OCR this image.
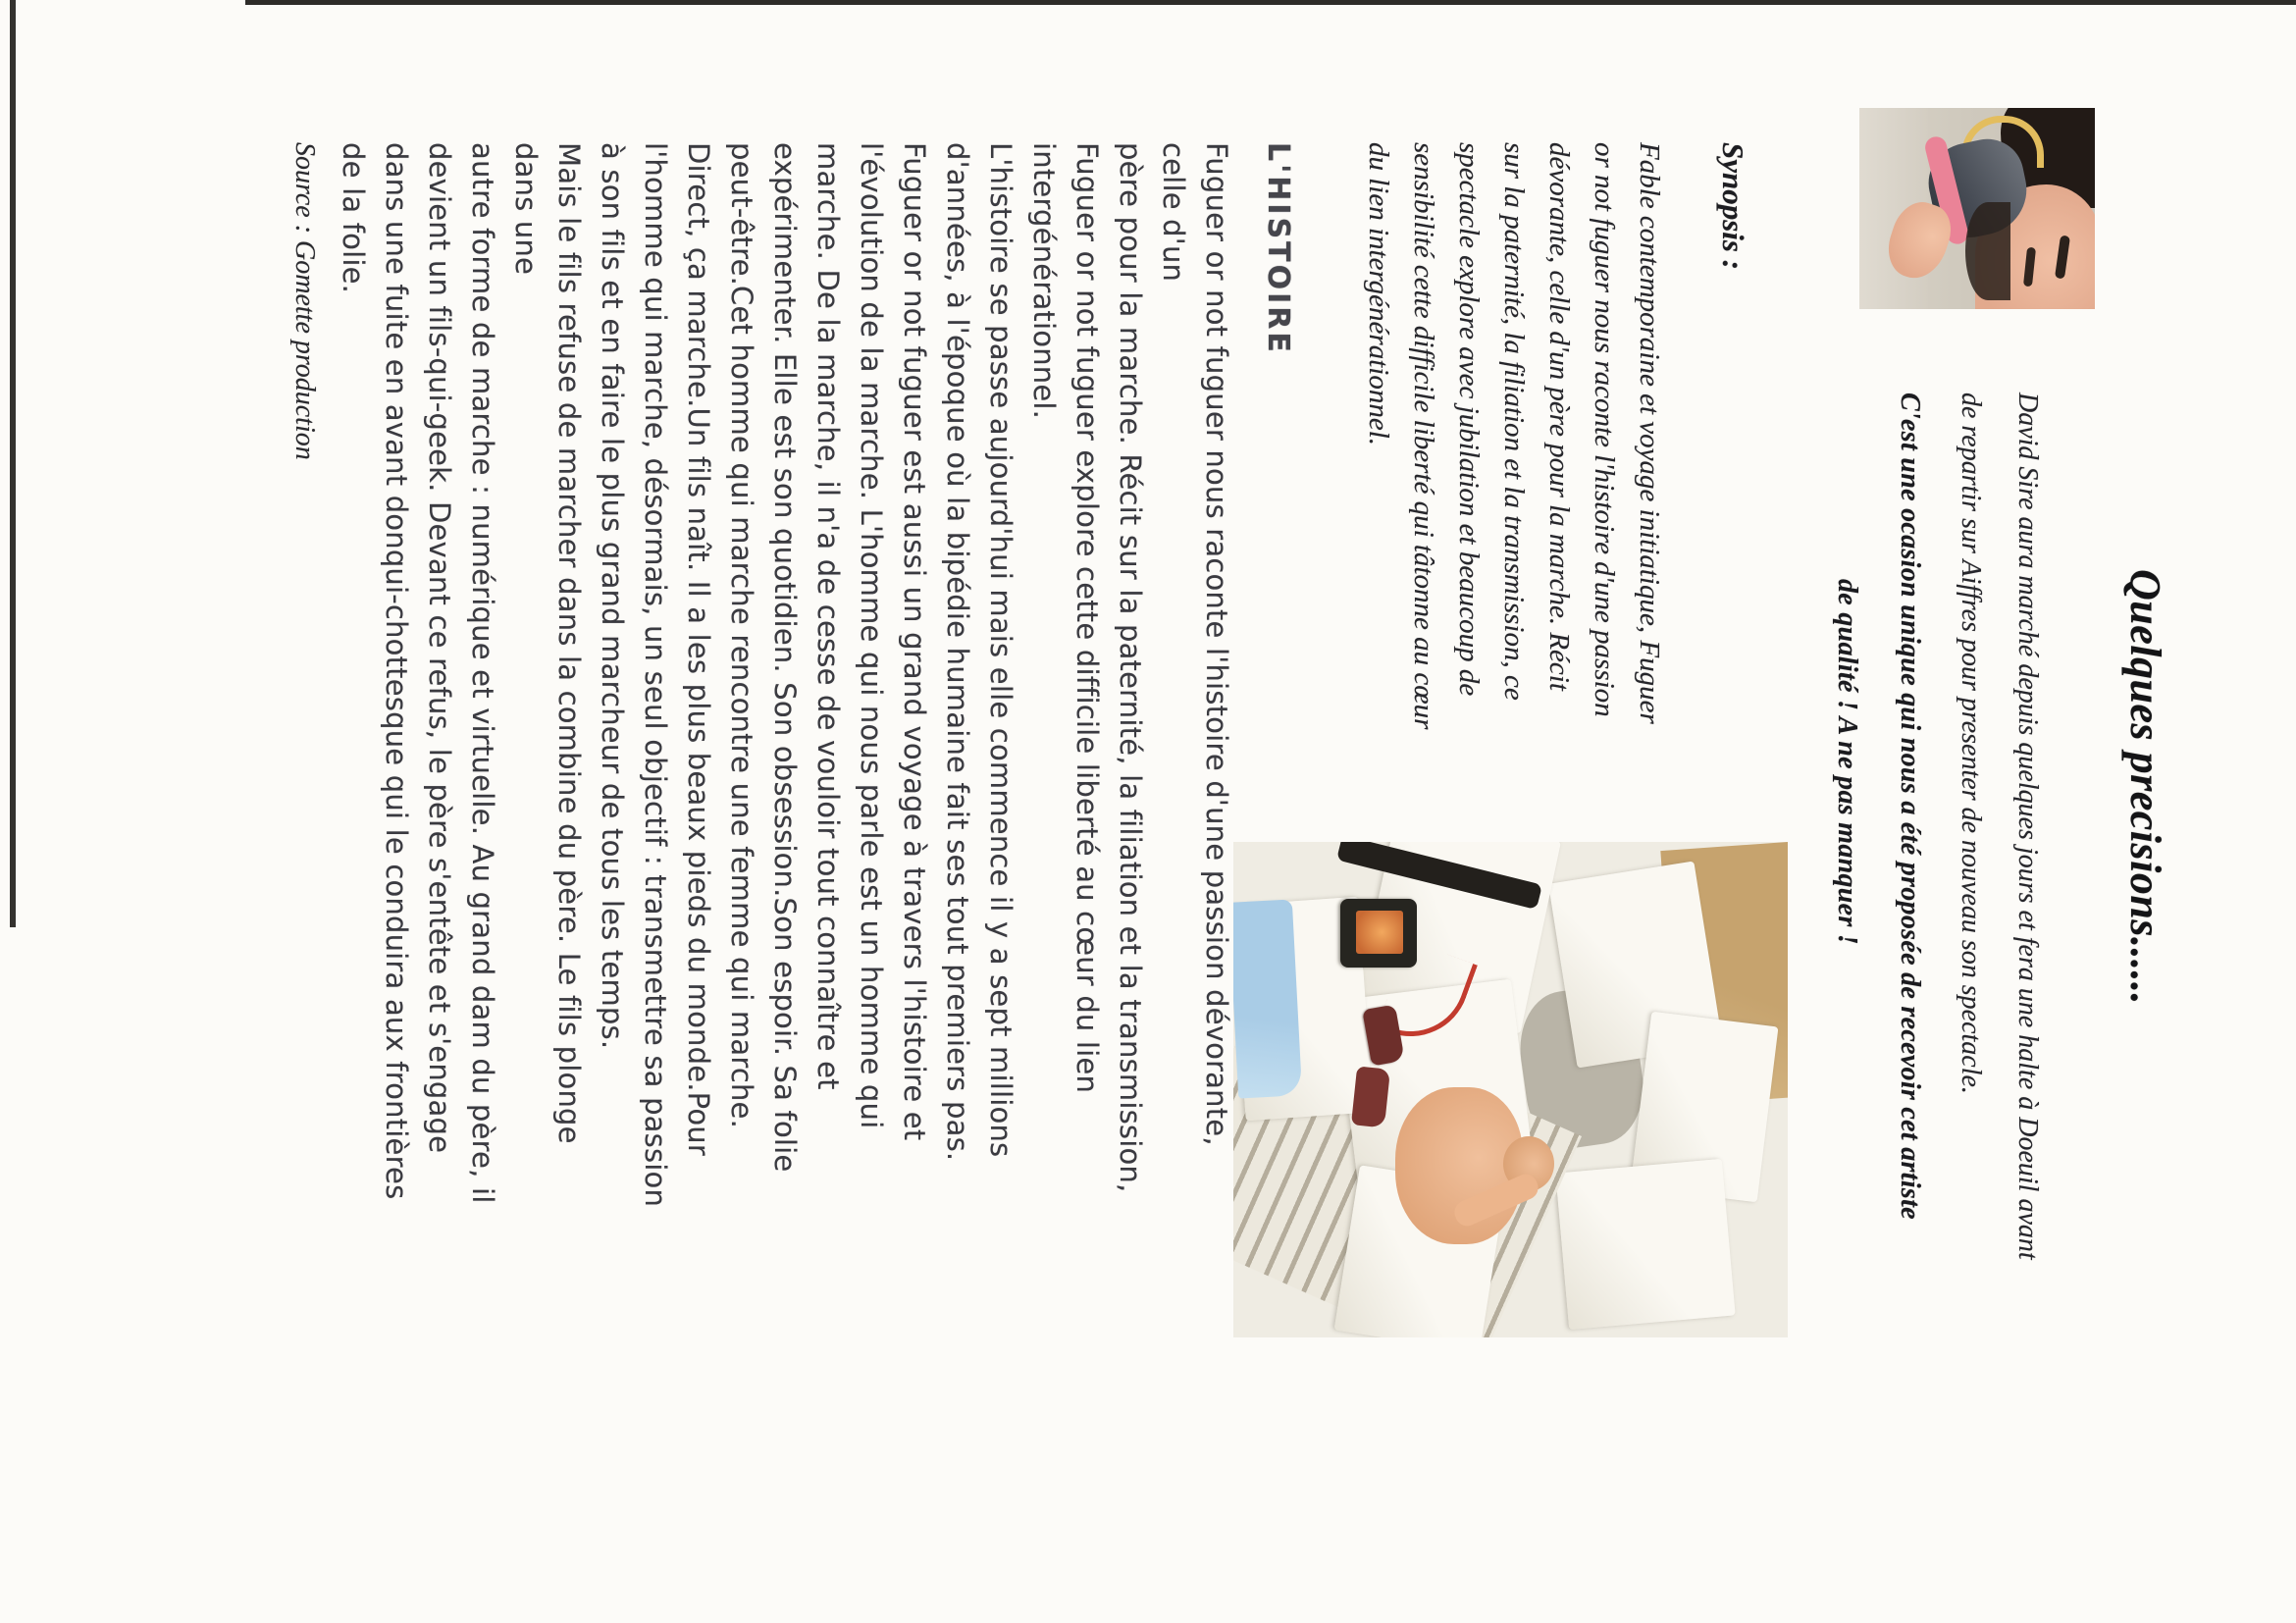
Quelques precisions......
David Sire aura marché depuis quelques jours et fera une halte à Doeuil avant
de repartir sur Aiffres pour presenter de nouveau son spectacle.
C'est une ocasion unique qui nous a été proposée de recevoir cet artiste
de qualité ! A ne pas manquer !
Synopsis :
Fable contemporaine et voyage initiatique, Fuguer
or not fuguer nous raconte l'histoire d'une passion
dévorante, celle d'un père pour la marche. Récit
sur la paternité, la filiation et la transmission, ce
spectacle explore avec jubilation et beaucoup de
sensibilité cette difficile liberté qui tâtonne au cœur
du lien intergénérationnel.
L'HISTOIRE
Fuguer or not fuguer nous raconte l'histoire d'une passion dévorante,
celle d'un
père pour la marche. Récit sur la paternité, la filiation et la transmission,
Fuguer or not fuguer explore cette difficile liberté au cœur du lien
intergénérationnel.
L'histoire se passe aujourd'hui mais elle commence il y a sept millions
d'années, à l'époque où la bipédie humaine fait ses tout premiers pas.
Fuguer or not fuguer est aussi un grand voyage à travers l'histoire et
l'évolution de la marche. L'homme qui nous parle est un homme qui
marche. De la marche, il n'a de cesse de vouloir tout connaître et
expérimenter. Elle est son quotidien. Son obsession.Son espoir. Sa folie
peut-être.Cet homme qui marche rencontre une femme qui marche.
Direct, ça marche.Un fils naît. Il a les plus beaux pieds du monde.Pour
l'homme qui marche, désormais, un seul objectif : transmettre sa passion
à son fils et en faire le plus grand marcheur de tous les temps.
Mais le fils refuse de marcher dans la combine du père. Le fils plonge
dans une
autre forme de marche : numérique et virtuelle. Au grand dam du père, il
devient un fils-qui-geek. Devant ce refus, le père s'entête et s'engage
dans une fuite en avant donqui-chottesque qui le conduira aux frontières
de la folie.
Source : Gomette production
